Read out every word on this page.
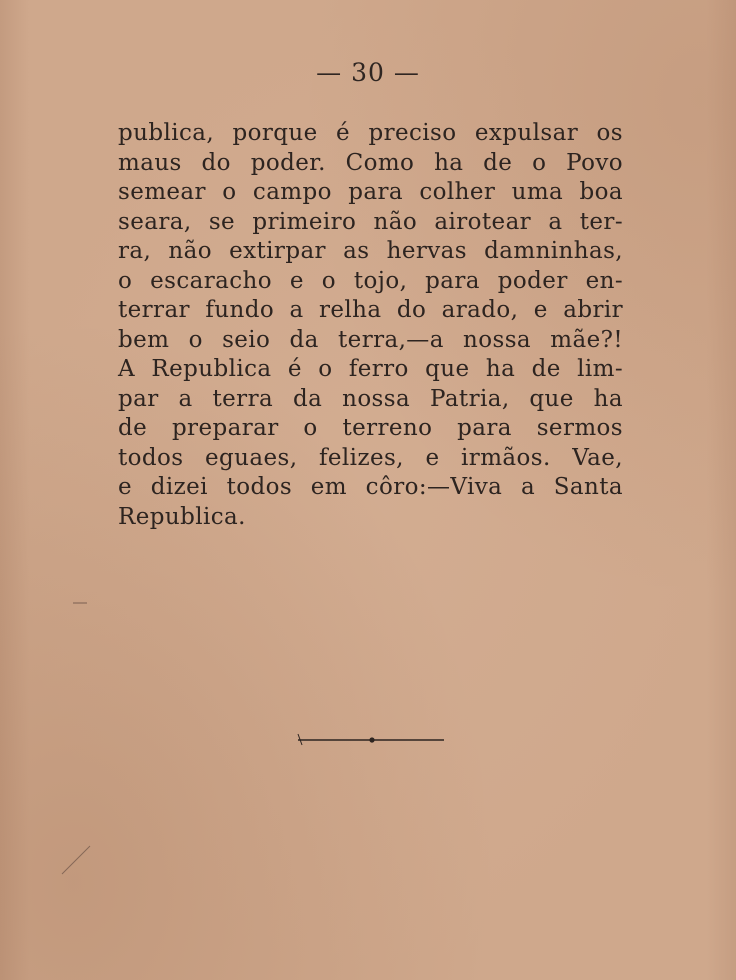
— 30 —
publica, porque é preciso expulsar os
maus do poder. Como ha de o Povo
semear o campo para colher uma boa
seara, se primeiro não airotear a ter-
ra, não extirpar as hervas damninhas,
o escaracho e o tojo, para poder en-
terrar fundo a relha do arado, e abrir
bem o seio da terra,—a nossa mãe?!
A Republica é o ferro que ha de lim-
par a terra da nossa Patria, que ha
de preparar o terreno para sermos
todos eguaes, felizes, e irmãos. Vae,
e dizei todos em côro:—Viva a Santa
Republica.
